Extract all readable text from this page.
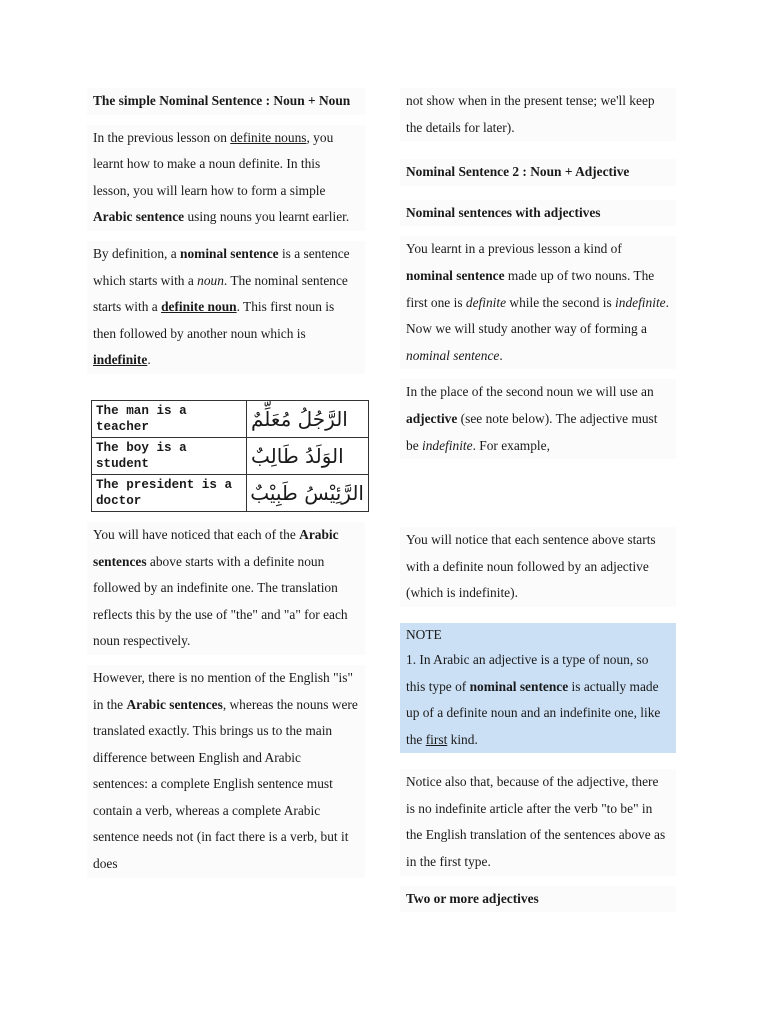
The simple Nominal Sentence : Noun + Noun
In the previous lesson on definite nouns, you learnt how to make a noun definite. In this lesson, you will learn how to form a simple Arabic sentence using nouns you learnt earlier.
By definition, a nominal sentence is a sentence which starts with a noun. The nominal sentence starts with a definite noun. This first noun is then followed by another noun which is indefinite.
The man is a teacher	الرَّجُلُ مُعَلِّمٌ
The boy is a student	الوَلَدُ طَالِبٌ
The president is a doctor	الرَّئِيْسُ طَبِيْبٌ
You will have noticed that each of the Arabic sentences above starts with a definite noun followed by an indefinite one. The translation reflects this by the use of "the" and "a" for each noun respectively.
However, there is no mention of the English "is" in the Arabic sentences, whereas the nouns were translated exactly. This brings us to the main difference between English and Arabic sentences: a complete English sentence must contain a verb, whereas a complete Arabic sentence needs not (in fact there is a verb, but it does
not show when in the present tense; we'll keep the details for later).
Nominal Sentence 2 : Noun + Adjective
Nominal sentences with adjectives
You learnt in a previous lesson a kind of nominal sentence made up of two nouns. The first one is definite while the second is indefinite. Now we will study another way of forming a nominal sentence.
In the place of the second noun we will use an adjective (see note below). The adjective must be indefinite. For example,
You will notice that each sentence above starts with a definite noun followed by an adjective (which is indefinite).
NOTE
1. In Arabic an adjective is a type of noun, so this type of nominal sentence is actually made up of a definite noun and an indefinite one, like the first kind.
Notice also that, because of the adjective, there is no indefinite article after the verb "to be" in the English translation of the sentences above as in the first type.
Two or more adjectives
